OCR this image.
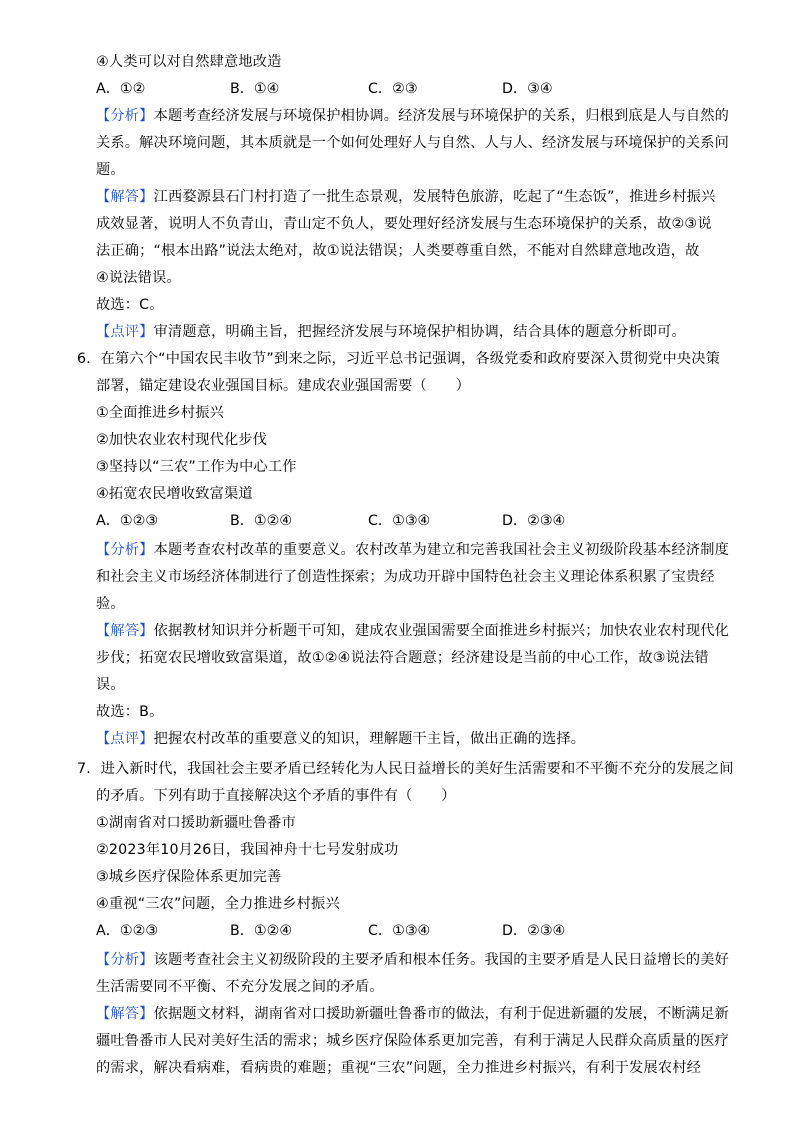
④人类可以对自然肆意地改造
A．①②	B．①④	C．②③	D．③④
【分析】本题考查经济发展与环境保护相协调。经济发展与环境保护的关系，归根到底是人与自然的
关系。解决环境问题，其本质就是一个如何处理好人与自然、人与人、经济发展与环境保护的关系问
题。
【解答】江西婺源县石门村打造了一批生态景观，发展特色旅游，吃起了“生态饭”，推进乡村振兴
成效显著，说明人不负青山，青山定不负人，要处理好经济发展与生态环境保护的关系，故②③说
法正确；“根本出路”说法太绝对，故①说法错误；人类要尊重自然，不能对自然肆意地改造，故
④说法错误。
故选：C。
【点评】审清题意，明确主旨，把握经济发展与环境保护相协调，结合具体的题意分析即可。
6．在第六个“中国农民丰收节”到来之际，习近平总书记强调，各级党委和政府要深入贯彻党中央决策
部署，锚定建设农业强国目标。建成农业强国需要（　　）
①全面推进乡村振兴
②加快农业农村现代化步伐
③坚持以“三农”工作为中心工作
④拓宽农民增收致富渠道
A．①②③	B．①②④	C．①③④	D．②③④
【分析】本题考查农村改革的重要意义。农村改革为建立和完善我国社会主义初级阶段基本经济制度
和社会主义市场经济体制进行了创造性探索；为成功开辟中国特色社会主义理论体系积累了宝贵经
验。
【解答】依据教材知识并分析题干可知，建成农业强国需要全面推进乡村振兴；加快农业农村现代化
步伐；拓宽农民增收致富渠道，故①②④说法符合题意；经济建设是当前的中心工作，故③说法错
误。
故选：B。
【点评】把握农村改革的重要意义的知识，理解题干主旨，做出正确的选择。
7．进入新时代，我国社会主要矛盾已经转化为人民日益增长的美好生活需要和不平衡不充分的发展之间
的矛盾。下列有助于直接解决这个矛盾的事件有（　　）
①湖南省对口援助新疆吐鲁番市
②2023年10月26日，我国神舟十七号发射成功
③城乡医疗保险体系更加完善
④重视“三农”问题，全力推进乡村振兴
A．①②③	B．①②④	C．①③④	D．②③④
【分析】该题考查社会主义初级阶段的主要矛盾和根本任务。我国的主要矛盾是人民日益增长的美好
生活需要同不平衡、不充分发展之间的矛盾。
【解答】依据题文材料，湖南省对口援助新疆吐鲁番市的做法，有利于促进新疆的发展，不断满足新
疆吐鲁番市人民对美好生活的需求；城乡医疗保险体系更加完善，有利于满足人民群众高质量的医疗
的需求，解决看病难，看病贵的难题；重视“三农”问题，全力推进乡村振兴，有利于发展农村经
